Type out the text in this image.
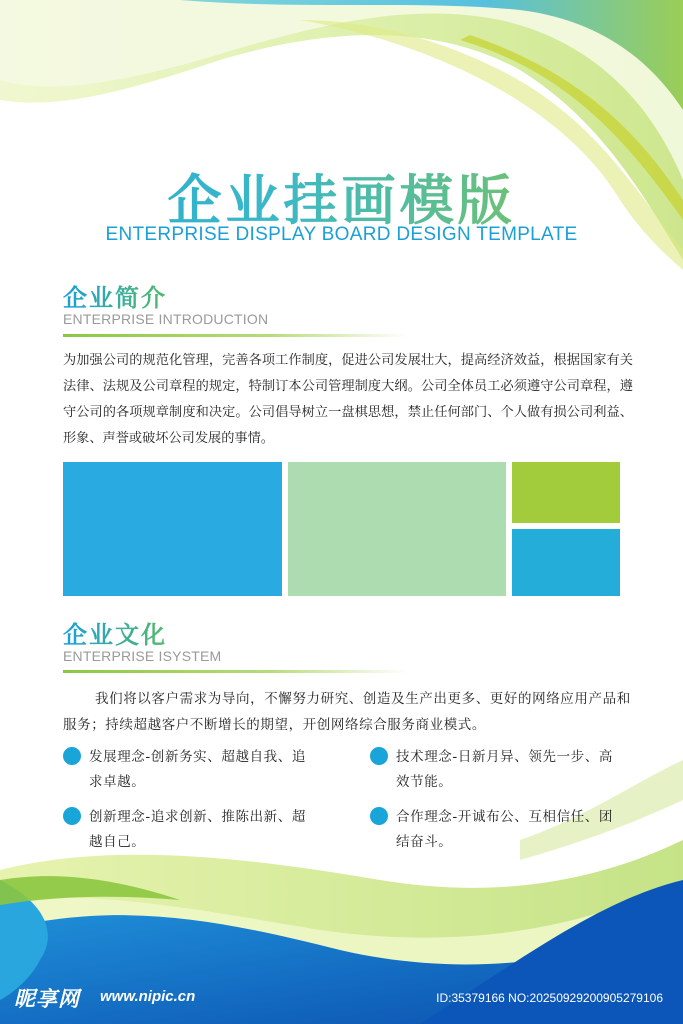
企业挂画模版
ENTERPRISE DISPLAY BOARD DESIGN TEMPLATE
企业简介
ENTERPRISE INTRODUCTION
为加强公司的规范化管理，完善各项工作制度，促进公司发展壮大，提高经济效益，根据国家有关法律、法规及公司章程的规定，特制订本公司管理制度大纲。公司全体员工必须遵守公司章程，遵守公司的各项规章制度和决定。公司倡导树立一盘棋思想，禁止任何部门、个人做有损公司利益、形象、声誉或破坏公司发展的事情。
企业文化
ENTERPRISE ISYSTEM
我们将以客户需求为导向，不懈努力研究、创造及生产出更多、更好的网络应用产品和服务；持续超越客户不断增长的期望，开创网络综合服务商业模式。
发展理念-创新务实、超越自我、追求卓越。
技术理念-日新月异、领先一步、高效节能。
创新理念-追求创新、推陈出新、超越自己。
合作理念-开诚布公、互相信任、团结奋斗。
昵享网 www.nipic.cn	ID:35379166 NO:20250929200905279106
